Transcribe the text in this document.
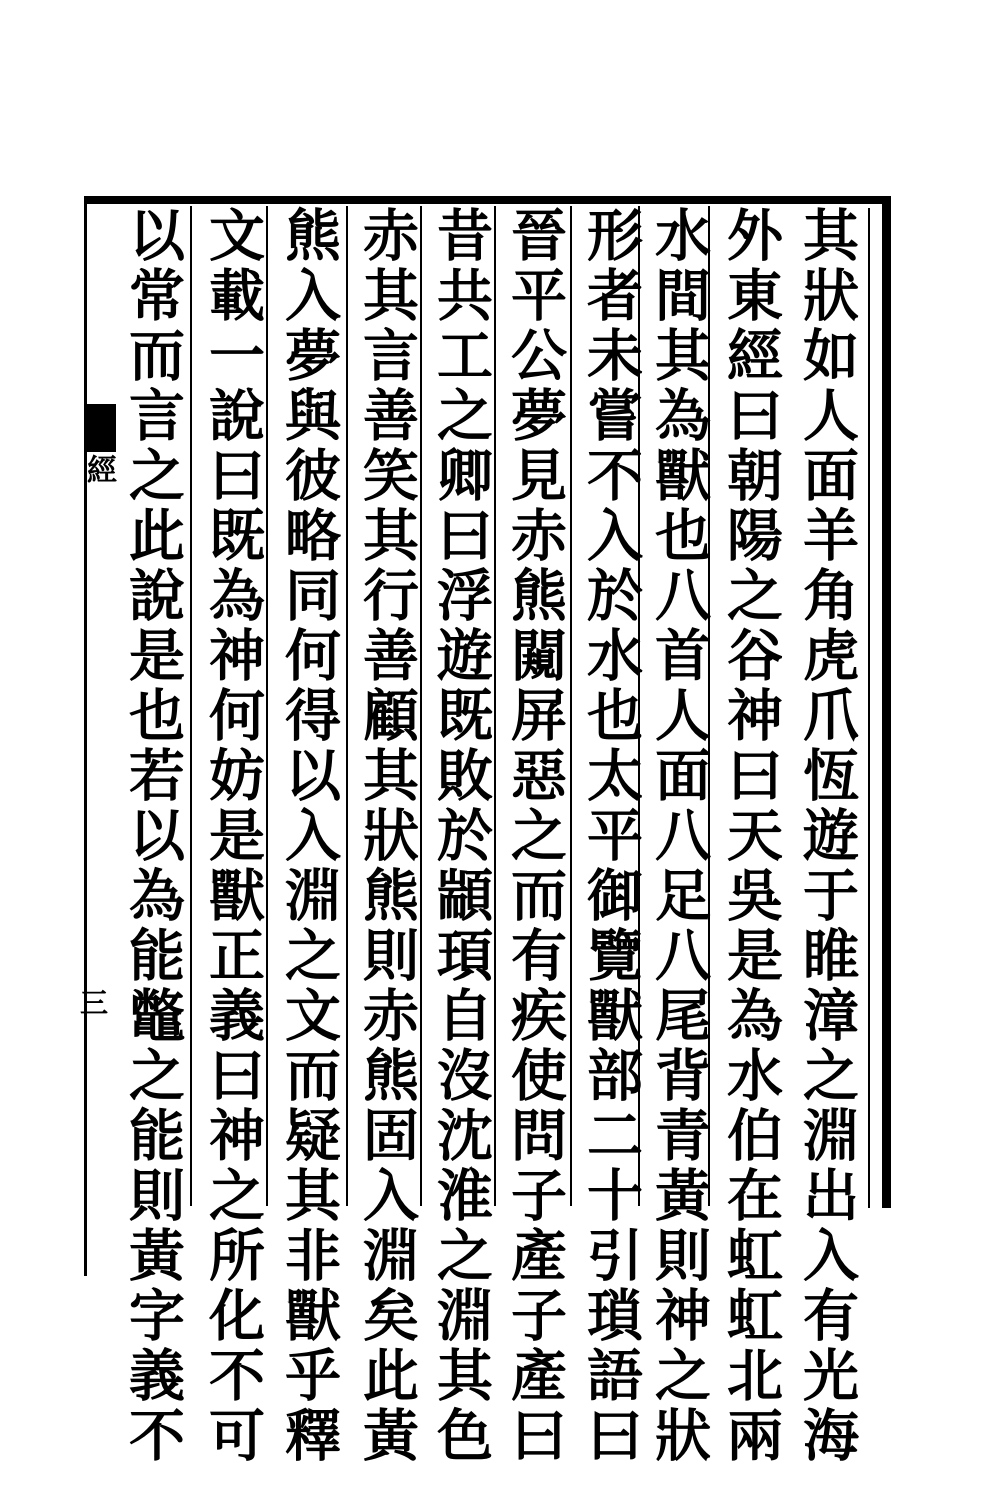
經
三	其狀如人面羊角虎爪恆遊于睢漳之淵出入有光海
外東經曰朝陽之谷神曰天吳是為水伯在虹虹北兩
水間其為獸也八首人面八足八尾背青黃則神之狀
形者未嘗不入於水也太平御覽獸部二十引瑣語曰
晉平公夢見赤熊闚屏惡之而有疾使問子產子產曰
昔共工之卿曰浮遊既敗於顓頊自沒沈淮之淵其色
赤其言善笑其行善顧其狀熊則赤熊固入淵矣此黃
熊入夢與彼略同何得以入淵之文而疑其非獸乎釋
文載一說曰既為神何妨是獸正義曰神之所化不可
以常而言之此說是也若以為能鼈之能則黃字義不
